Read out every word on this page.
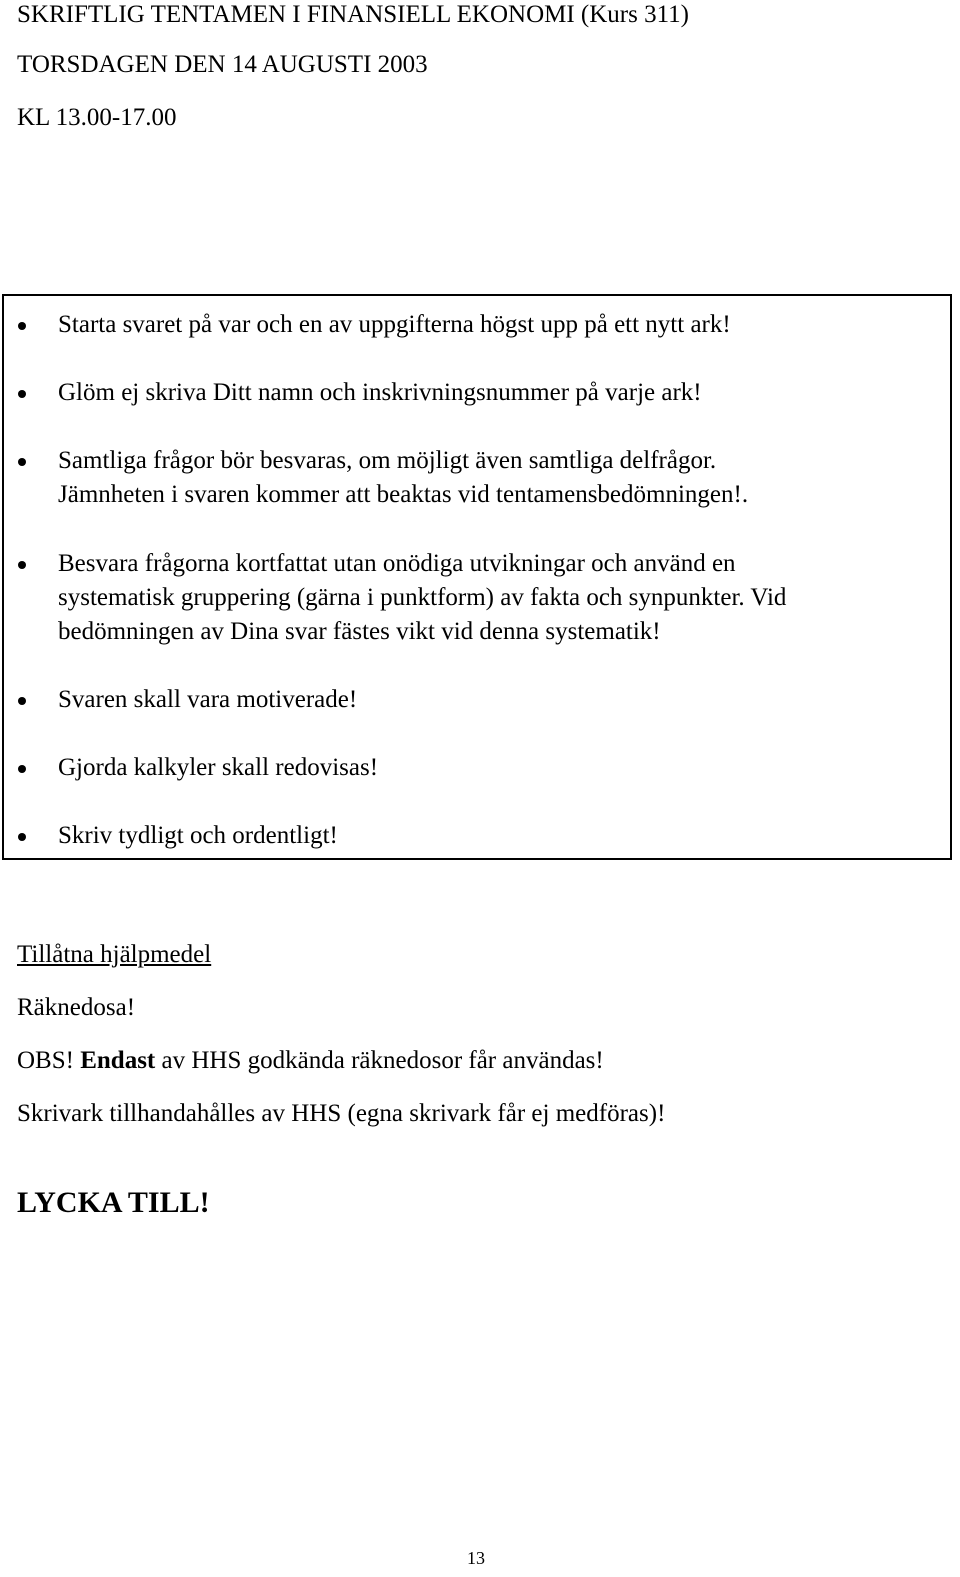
SKRIFTLIG TENTAMEN I FINANSIELL EKONOMI (Kurs 311)

TORSDAGEN DEN 14 AUGUSTI 2003

KL 13.00-17.00

Starta svaret på var och en av uppgifterna högst upp på ett nytt ark!

Glöm ej skriva Ditt namn och inskrivningsnummer på varje ark!

Samtliga frågor bör besvaras, om möjligt även samtliga delfrågor.

Jämnheten i svaren kommer att beaktas vid tentamensbedömningen!.

Besvara frågorna kortfattat utan onödiga utvikningar och använd en

systematisk gruppering (gärna i punktform) av fakta och synpunkter. Vid

bedömningen av Dina svar fästes vikt vid denna systematik!

Svaren skall vara motiverade!

Gjorda kalkyler skall redovisas!

Skriv tydligt och ordentligt!

Tillåtna hjälpmedel

Räknedosa!

OBS! Endast av HHS godkända räknedosor får användas!

Skrivark tillhandahålles av HHS (egna skrivark får ej medföras)!

LYCKA TILL!

13
